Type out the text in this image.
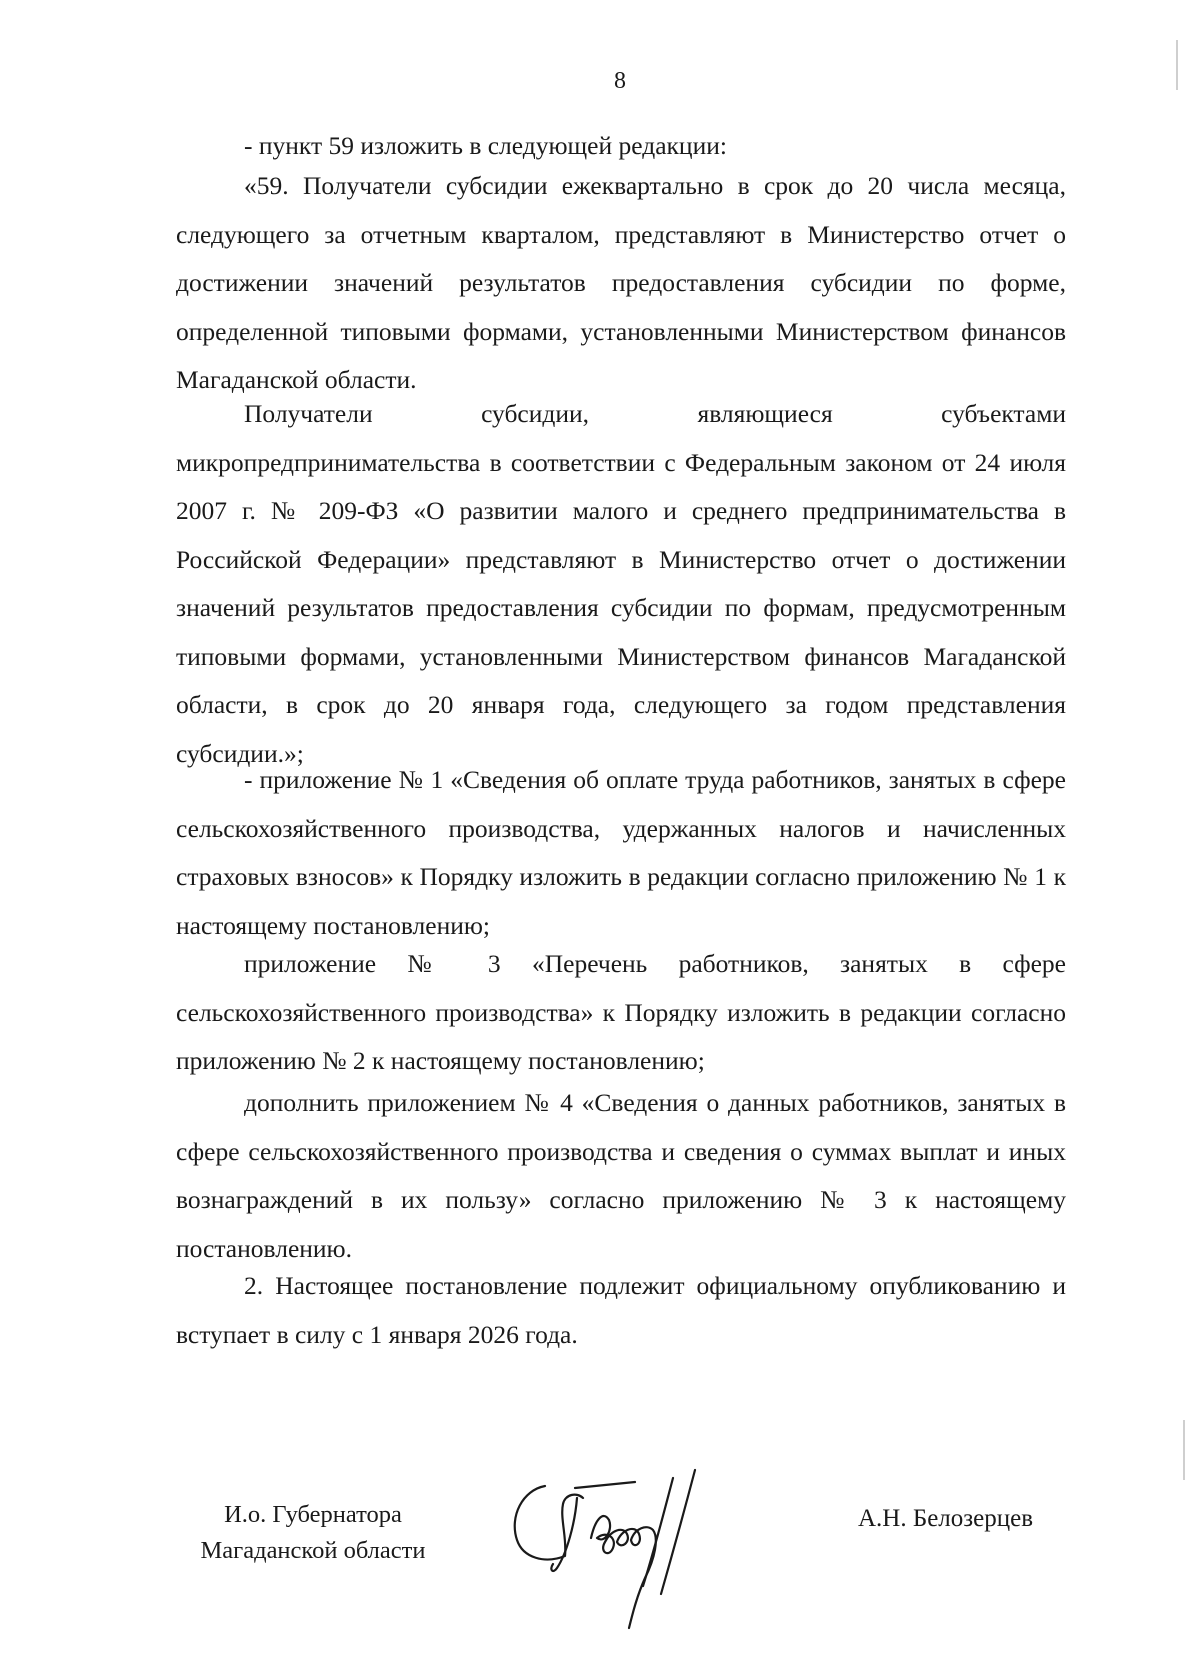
8

- пункт 59 изложить в следующей редакции:

«59. Получатели субсидии ежеквартально в срок до 20 числа месяца, следующего за отчетным кварталом, представляют в Министерство отчет о достижении значений результатов предоставления субсидии по форме, определенной типовыми формами, установленными Министерством финансов Магаданской области.

Получатели субсидии, являющиеся субъектами микропредпринимательства в соответствии с Федеральным законом от 24 июля 2007 г. № 209-ФЗ «О развитии малого и среднего предпринимательства в Российской Федерации» представляют в Министерство отчет о достижении значений результатов предоставления субсидии по формам, предусмотренным типовыми формами, установленными Министерством финансов Магаданской области, в срок до 20 января года, следующего за годом представления субсидии.»;

- приложение № 1 «Сведения об оплате труда работников, занятых в сфере сельскохозяйственного производства, удержанных налогов и начисленных страховых взносов» к Порядку изложить в редакции согласно приложению № 1 к настоящему постановлению;

приложение № 3 «Перечень работников, занятых в сфере сельскохозяйственного производства» к Порядку изложить в редакции согласно приложению № 2 к настоящему постановлению;

дополнить приложением № 4 «Сведения о данных работников, занятых в сфере сельскохозяйственного производства и сведения о суммах выплат и иных вознаграждений в их пользу» согласно приложению № 3 к настоящему постановлению.

2. Настоящее постановление подлежит официальному опубликованию и вступает в силу с 1 января 2026 года.

И.о. Губернатора
Магаданской области
А.Н. Белозерцев
